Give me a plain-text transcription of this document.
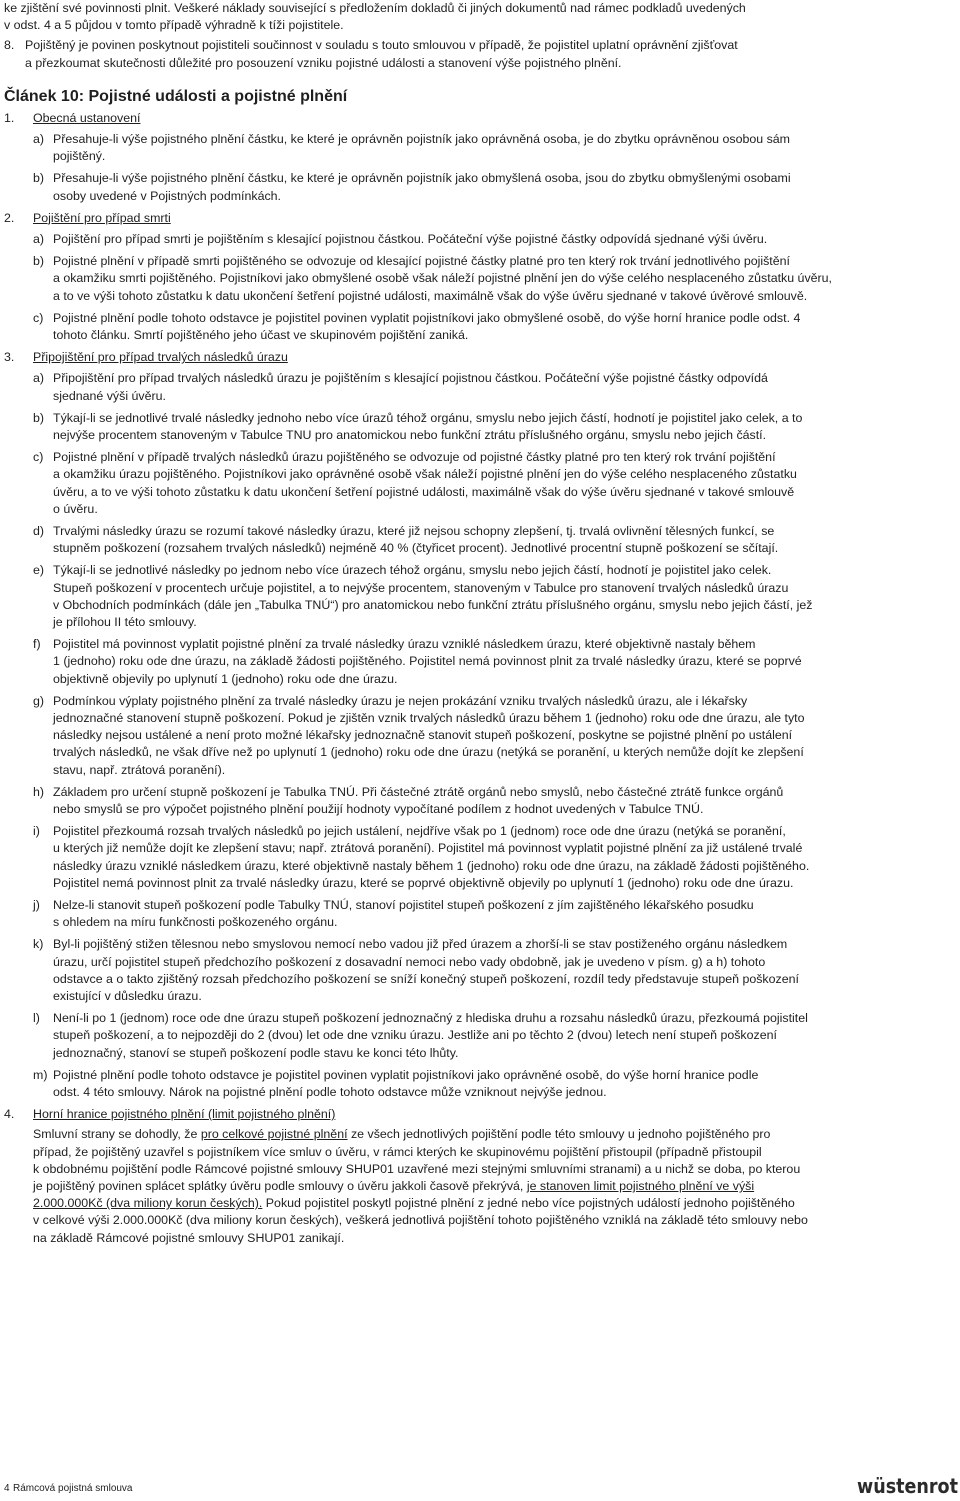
ke zjištění své povinnosti plnit. Veškeré náklady související s předložením dokladů či jiných dokumentů nad rámec podkladů uvedených
v odst. 4 a 5 půjdou v tomto případě výhradně k tíži pojistitele.
8. Pojištěný je povinen poskytnout pojistiteli součinnost v souladu s touto smlouvou v případě, že pojistitel uplatní oprávnění zjišťovat
a přezkoumat skutečnosti důležité pro posouzení vzniku pojistné události a stanovení výše pojistného plnění.
Článek 10: Pojistné události a pojistné plnění
1. Obecná ustanovení
a) Přesahuje-li výše pojistného plnění částku, ke které je oprávněn pojistník jako oprávněná osoba, je do zbytku oprávněnou osobou sám
pojištěný.
b) Přesahuje-li výše pojistného plnění částku, ke které je oprávněn pojistník jako obmyšlená osoba, jsou do zbytku obmyšlenými osobami
osoby uvedené v Pojistných podmínkách.
2. Pojištění pro případ smrti
a) Pojištění pro případ smrti je pojištěním s klesající pojistnou částkou. Počáteční výše pojistné částky odpovídá sjednané výši úvěru.
b) Pojistné plnění v případě smrti pojištěného se odvozuje od klesající pojistné částky platné pro ten který rok trvání jednotlivého pojištění
a okamžiku smrti pojištěného. Pojistníkovi jako obmyšlené osobě však náleží pojistné plnění jen do výše celého nesplaceného zůstatku úvěru,
a to ve výši tohoto zůstatku k datu ukončení šetření pojistné události, maximálně však do výše úvěru sjednané v takové úvěrové smlouvě.
c) Pojistné plnění podle tohoto odstavce je pojistitel povinen vyplatit pojistníkovi jako obmyšlené osobě, do výše horní hranice podle odst. 4
tohoto článku. Smrtí pojištěného jeho účast ve skupinovém pojištění zaniká.
3. Připojištění pro případ trvalých následků úrazu
a) Připojištění pro případ trvalých následků úrazu je pojištěním s klesající pojistnou částkou. Počáteční výše pojistné částky odpovídá
sjednané výši úvěru.
b) Týkají-li se jednotlivé trvalé následky jednoho nebo více úrazů téhož orgánu, smyslu nebo jejich částí, hodnotí je pojistitel jako celek, a to
nejvýše procentem stanoveným v Tabulce TNU pro anatomickou nebo funkční ztrátu příslušného orgánu, smyslu nebo jejich částí.
c) Pojistné plnění v případě trvalých následků úrazu pojištěného se odvozuje od pojistné částky platné pro ten který rok trvání pojištění
a okamžiku úrazu pojištěného. Pojistníkovi jako oprávněné osobě však náleží pojistné plnění jen do výše celého nesplaceného zůstatku
úvěru, a to ve výši tohoto zůstatku k datu ukončení šetření pojistné události, maximálně však do výše úvěru sjednané v takové smlouvě
o úvěru.
d) Trvalými následky úrazu se rozumí takové následky úrazu, které již nejsou schopny zlepšení, tj. trvalá ovlivnění tělesných funkcí, se
stupněm poškození (rozsahem trvalých následků) nejméně 40 % (čtyřicet procent). Jednotlivé procentní stupně poškození se sčítají.
e) Týkají-li se jednotlivé následky po jednom nebo více úrazech téhož orgánu, smyslu nebo jejich částí, hodnotí je pojistitel jako celek.
Stupeň poškození v procentech určuje pojistitel, a to nejvýše procentem, stanoveným v Tabulce pro stanovení trvalých následků úrazu
v Obchodních podmínkách (dále jen „Tabulka TNÚ“) pro anatomickou nebo funkční ztrátu příslušného orgánu, smyslu nebo jejich částí, jež
je přílohou II této smlouvy.
f) Pojistitel má povinnost vyplatit pojistné plnění za trvalé následky úrazu vzniklé následkem úrazu, které objektivně nastaly během
1 (jednoho) roku ode dne úrazu, na základě žádosti pojištěného. Pojistitel nemá povinnost plnit za trvalé následky úrazu, které se poprvé
objektivně objevily po uplynutí 1 (jednoho) roku ode dne úrazu.
g) Podmínkou výplaty pojistného plnění za trvalé následky úrazu je nejen prokázání vzniku trvalých následků úrazu, ale i lékařsky
jednoznačné stanovení stupně poškození. Pokud je zjištěn vznik trvalých následků úrazu během 1 (jednoho) roku ode dne úrazu, ale tyto
následky nejsou ustálené a není proto možné lékařsky jednoznačně stanovit stupeň poškození, poskytne se pojistné plnění po ustálení
trvalých následků, ne však dříve než po uplynutí 1 (jednoho) roku ode dne úrazu (netýká se poranění, u kterých nemůže dojít ke zlepšení
stavu, např. ztrátová poranění).
h) Základem pro určení stupně poškození je Tabulka TNÚ. Při částečné ztrátě orgánů nebo smyslů, nebo částečné ztrátě funkce orgánů
nebo smyslů se pro výpočet pojistného plnění použijí hodnoty vypočítané podílem z hodnot uvedených v Tabulce TNÚ.
i) Pojistitel přezkoumá rozsah trvalých následků po jejich ustálení, nejdříve však po 1 (jednom) roce ode dne úrazu (netýká se poranění,
u kterých již nemůže dojít ke zlepšení stavu; např. ztrátová poranění). Pojistitel má povinnost vyplatit pojistné plnění za již ustálené trvalé
následky úrazu vzniklé následkem úrazu, které objektivně nastaly během 1 (jednoho) roku ode dne úrazu, na základě žádosti pojištěného.
Pojistitel nemá povinnost plnit za trvalé následky úrazu, které se poprvé objektivně objevily po uplynutí 1 (jednoho) roku ode dne úrazu.
j) Nelze-li stanovit stupeň poškození podle Tabulky TNÚ, stanoví pojistitel stupeň poškození z jím zajištěného lékařského posudku
s ohledem na míru funkčnosti poškozeného orgánu.
k) Byl-li pojištěný stižen tělesnou nebo smyslovou nemocí nebo vadou již před úrazem a zhorší-li se stav postiženého orgánu následkem
úrazu, určí pojistitel stupeň předchozího poškození z dosavadní nemoci nebo vady obdobně, jak je uvedeno v písm. g) a h) tohoto
odstavce a o takto zjištěný rozsah předchozího poškození se sníží konečný stupeň poškození, rozdíl tedy představuje stupeň poškození
existující v důsledku úrazu.
l) Není-li po 1 (jednom) roce ode dne úrazu stupeň poškození jednoznačný z hlediska druhu a rozsahu následků úrazu, přezkoumá pojistitel
stupeň poškození, a to nejpozději do 2 (dvou) let ode dne vzniku úrazu. Jestliže ani po těchto 2 (dvou) letech není stupeň poškození
jednoznačný, stanoví se stupeň poškození podle stavu ke konci této lhůty.
m) Pojistné plnění podle tohoto odstavce je pojistitel povinen vyplatit pojistníkovi jako oprávněné osobě, do výše horní hranice podle
odst. 4 této smlouvy. Nárok na pojistné plnění podle tohoto odstavce může vzniknout nejvýše jednou.
4. Horní hranice pojistného plnění (limit pojistného plnění)
Smluvní strany se dohodly, že pro celkové pojistné plnění ze všech jednotlivých pojištění podle této smlouvy u jednoho pojištěného pro
případ, že pojištěný uzavřel s pojistníkem více smluv o úvěru, v rámci kterých ke skupinovému pojištění přistoupil (případně přistoupil
k obdobnému pojištění podle Rámcové pojistné smlouvy SHUP01 uzavřené mezi stejnými smluvními stranami) a u nichž se doba, po kterou
je pojištěný povinen splácet splátky úvěru podle smlouvy o úvěru jakkoli časově překrývá, je stanoven limit pojistného plnění ve výši
2.000.000Kč (dva miliony korun českých). Pokud pojistitel poskytl pojistné plnění z jedné nebo více pojistných událostí jednoho pojištěného
v celkové výši 2.000.000Kč (dva miliony korun českých), veškerá jednotlivá pojištění tohoto pojištěného vzniklá na základě této smlouvy nebo
na základě Rámcové pojistné smlouvy SHUP01 zanikají.
4 Rámcová pojistná smlouva	wüstenrot
